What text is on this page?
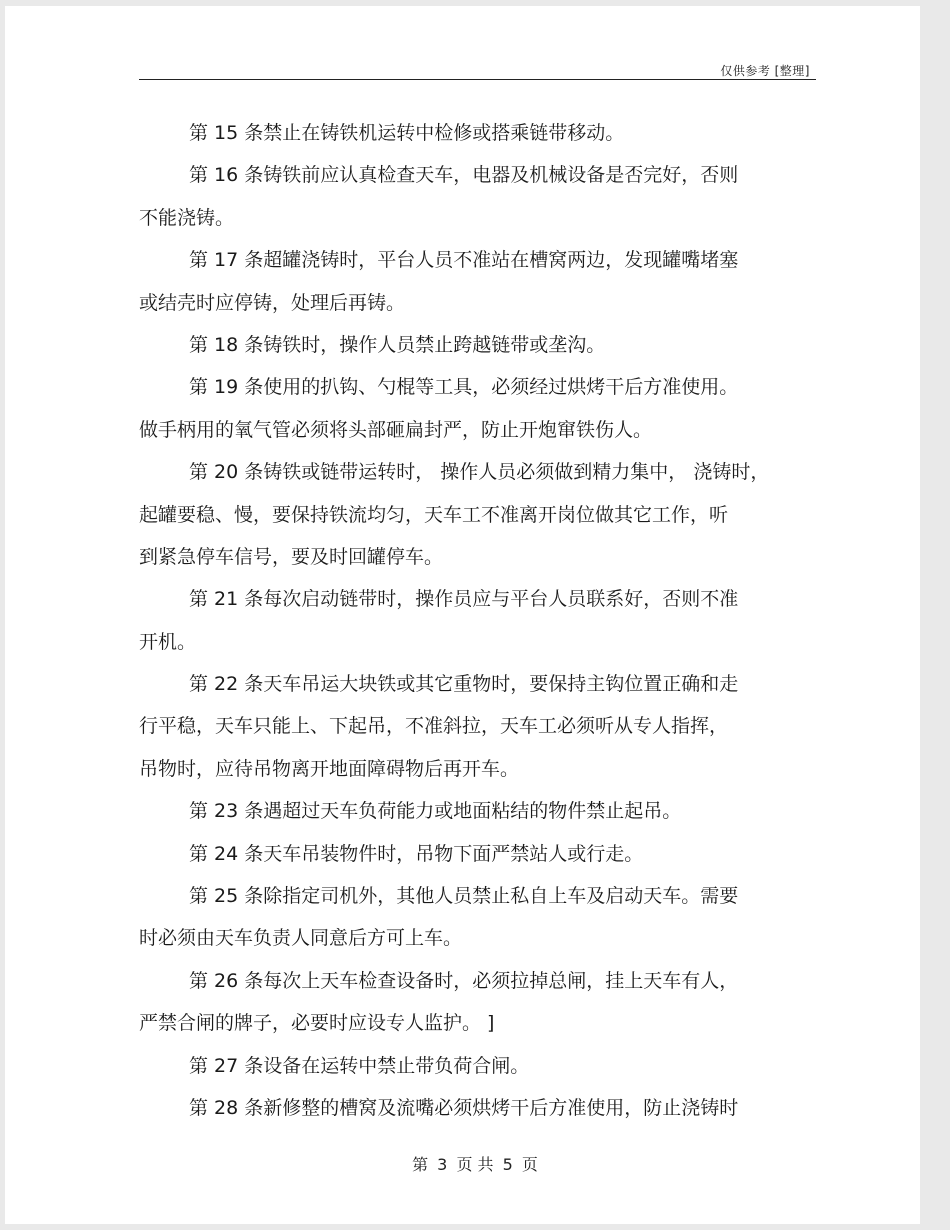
仅供参考 [整理]
第 15 条禁止在铸铁机运转中检修或搭乘链带移动。
第 16 条铸铁前应认真检查天车，电器及机械设备是否完好，否则
不能浇铸。
第 17 条超罐浇铸时，平台人员不准站在槽窝两边，发现罐嘴堵塞
或结壳时应停铸，处理后再铸。
第 18 条铸铁时，操作人员禁止跨越链带或垄沟。
第 19 条使用的扒钩、勺棍等工具，必须经过烘烤干后方准使用。
做手柄用的氧气管必须将头部砸扁封严，防止开炮窜铁伤人。
第 20 条铸铁或链带运转时， 操作人员必须做到精力集中， 浇铸时，
起罐要稳、慢，要保持铁流均匀，天车工不准离开岗位做其它工作，听
到紧急停车信号，要及时回罐停车。
第 21 条每次启动链带时，操作员应与平台人员联系好，否则不准
开机。
第 22 条天车吊运大块铁或其它重物时，要保持主钩位置正确和走
行平稳，天车只能上、下起吊，不准斜拉，天车工必须听从专人指挥，
吊物时，应待吊物离开地面障碍物后再开车。
第 23 条遇超过天车负荷能力或地面粘结的物件禁止起吊。
第 24 条天车吊装物件时，吊物下面严禁站人或行走。
第 25 条除指定司机外，其他人员禁止私自上车及启动天车。需要
时必须由天车负责人同意后方可上车。
第 26 条每次上天车检查设备时，必须拉掉总闸，挂上天车有人，
严禁合闸的牌子，必要时应设专人监护。 ]
第 27 条设备在运转中禁止带负荷合闸。
第 28 条新修整的槽窝及流嘴必须烘烤干后方准使用，防止浇铸时
第 3 页 共 5 页
